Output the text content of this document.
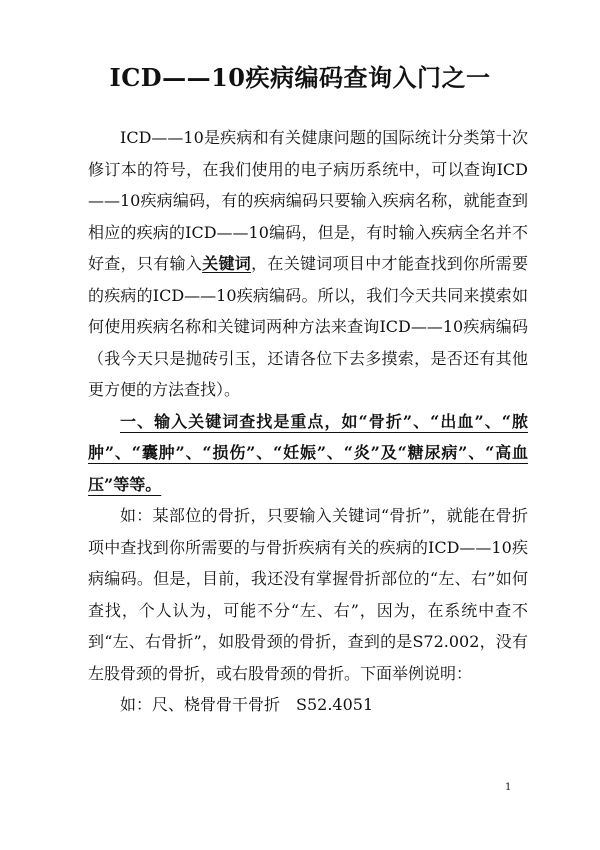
ICD——10疾病编码查询入门之一

ICD——10是疾病和有关健康问题的国际统计分类第十次修订本的符号，在我们使用的电子病历系统中，可以查询ICD——10疾病编码，有的疾病编码只要输入疾病名称，就能查到相应的疾病的ICD——10编码，但是，有时输入疾病全名并不好查，只有输入关键词，在关键词项目中才能查找到你所需要的疾病的ICD——10疾病编码。所以，我们今天共同来摸索如何使用疾病名称和关键词两种方法来查询ICD——10疾病编码（我今天只是抛砖引玉，还请各位下去多摸索，是否还有其他更方便的方法查找）。

一、输入关键词查找是重点，如“骨折”、“出血”、“脓肿”、“囊肿”、“损伤”、“妊娠”、“炎”及“糖尿病”、“高血压”等等。

如：某部位的骨折，只要输入关键词“骨折”，就能在骨折项中查找到你所需要的与骨折疾病有关的疾病的ICD——10疾病编码。但是，目前，我还没有掌握骨折部位的“左、右”如何查找，个人认为，可能不分“左、右”，因为，在系统中查不到“左、右骨折”，如股骨颈的骨折，查到的是S72.002，没有左股骨颈的骨折，或右股骨颈的骨折。下面举例说明：

如：尺、桡骨骨干骨折　S52.4051

1
